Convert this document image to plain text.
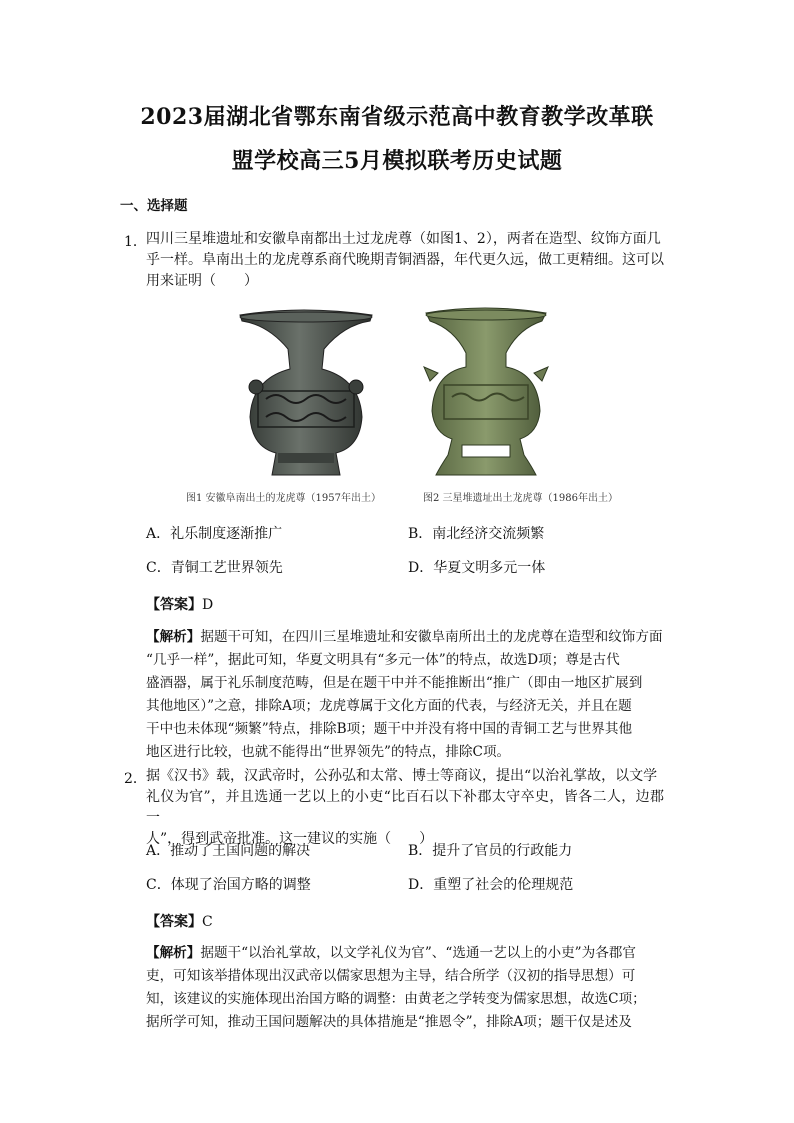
2023届湖北省鄂东南省级示范高中教育教学改革联
盟学校高三5月模拟联考历史试题
一、选择题
1． 四川三星堆遗址和安徽阜南都出土过龙虎尊（如图1、2），两者在造型、纹饰方面几
乎一样。阜南出土的龙虎尊系商代晚期青铜酒器，年代更久远，做工更精细。这可以
用来证明（　　）
图1 安徽阜南出土的龙虎尊（1957年出土）	图2 三星堆遗址出土龙虎尊（1986年出土）
A．礼乐制度逐渐推广	B．南北经济交流频繁
C．青铜工艺世界领先	D．华夏文明多元一体
【答案】D
【解析】据题干可知，在四川三星堆遗址和安徽阜南所出土的龙虎尊在造型和纹饰方面
“几乎一样”，据此可知，华夏文明具有“多元一体”的特点，故选D项；尊是古代
盛酒器，属于礼乐制度范畴，但是在题干中并不能推断出“推广（即由一地区扩展到
其他地区）”之意，排除A项；龙虎尊属于文化方面的代表，与经济无关，并且在题
干中也未体现“频繁”特点，排除B项；题干中并没有将中国的青铜工艺与世界其他
地区进行比较，也就不能得出“世界领先”的特点，排除C项。
2． 据《汉书》载，汉武帝时，公孙弘和太常、博士等商议，提出“以治礼掌故，以文学
礼仪为官”，并且选通一艺以上的小吏“比百石以下补郡太守卒史，皆各二人，边郡一
人”，得到武帝批准。这一建议的实施（　　）
A．推动了王国问题的解决	B．提升了官员的行政能力
C．体现了治国方略的调整	D．重塑了社会的伦理规范
【答案】C
【解析】据题干“以治礼掌故，以文学礼仪为官”、“选通一艺以上的小吏”为各郡官
吏，可知该举措体现出汉武帝以儒家思想为主导，结合所学（汉初的指导思想）可
知，该建议的实施体现出治国方略的调整：由黄老之学转变为儒家思想，故选C项；
据所学可知，推动王国问题解决的具体措施是“推恩令”，排除A项；题干仅是述及
